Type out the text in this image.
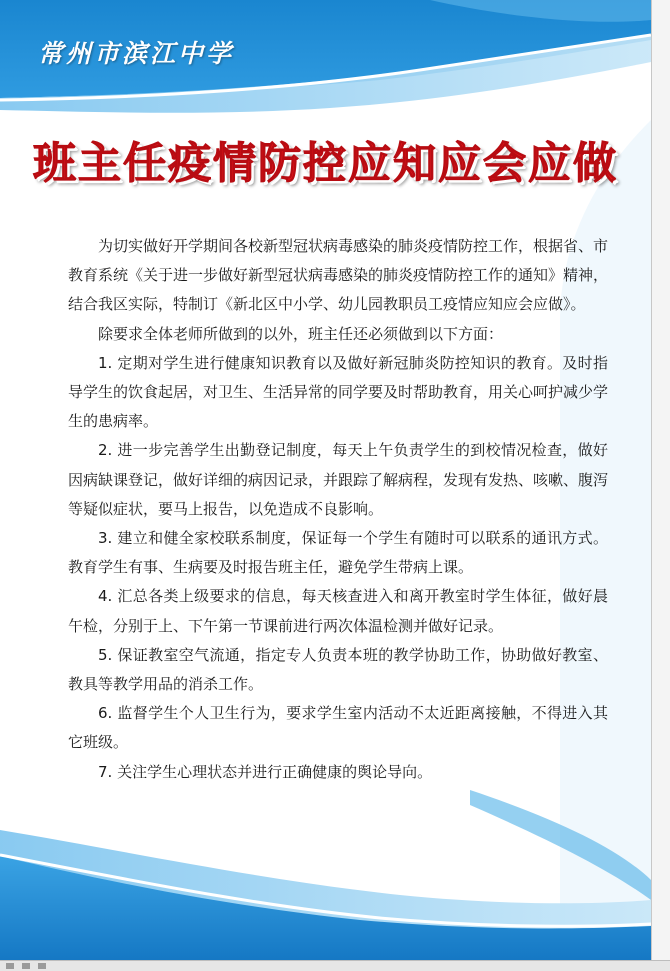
常州市滨江中学
班主任疫情防控应知应会应做

为切实做好开学期间各校新型冠状病毒感染的肺炎疫情防控工作，根据省、市教育系统《关于进一步做好新型冠状病毒感染的肺炎疫情防控工作的通知》精神，结合我区实际，特制订《新北区中小学、幼儿园教职员工疫情应知应会应做》。

除要求全体老师所做到的以外，班主任还必须做到以下方面：

1. 定期对学生进行健康知识教育以及做好新冠肺炎防控知识的教育。及时指导学生的饮食起居，对卫生、生活异常的同学要及时帮助教育，用关心呵护减少学生的患病率。

2. 进一步完善学生出勤登记制度，每天上午负责学生的到校情况检查，做好因病缺课登记，做好详细的病因记录，并跟踪了解病程，发现有发热、咳嗽、腹泻等疑似症状，要马上报告，以免造成不良影响。

3. 建立和健全家校联系制度，保证每一个学生有随时可以联系的通讯方式。教育学生有事、生病要及时报告班主任，避免学生带病上课。

4. 汇总各类上级要求的信息，每天核查进入和离开教室时学生体征，做好晨午检，分别于上、下午第一节课前进行两次体温检测并做好记录。

5. 保证教室空气流通，指定专人负责本班的教学协助工作，协助做好教室、教具等教学用品的消杀工作。

6. 监督学生个人卫生行为，要求学生室内活动不太近距离接触，不得进入其它班级。

7. 关注学生心理状态并进行正确健康的舆论导向。
